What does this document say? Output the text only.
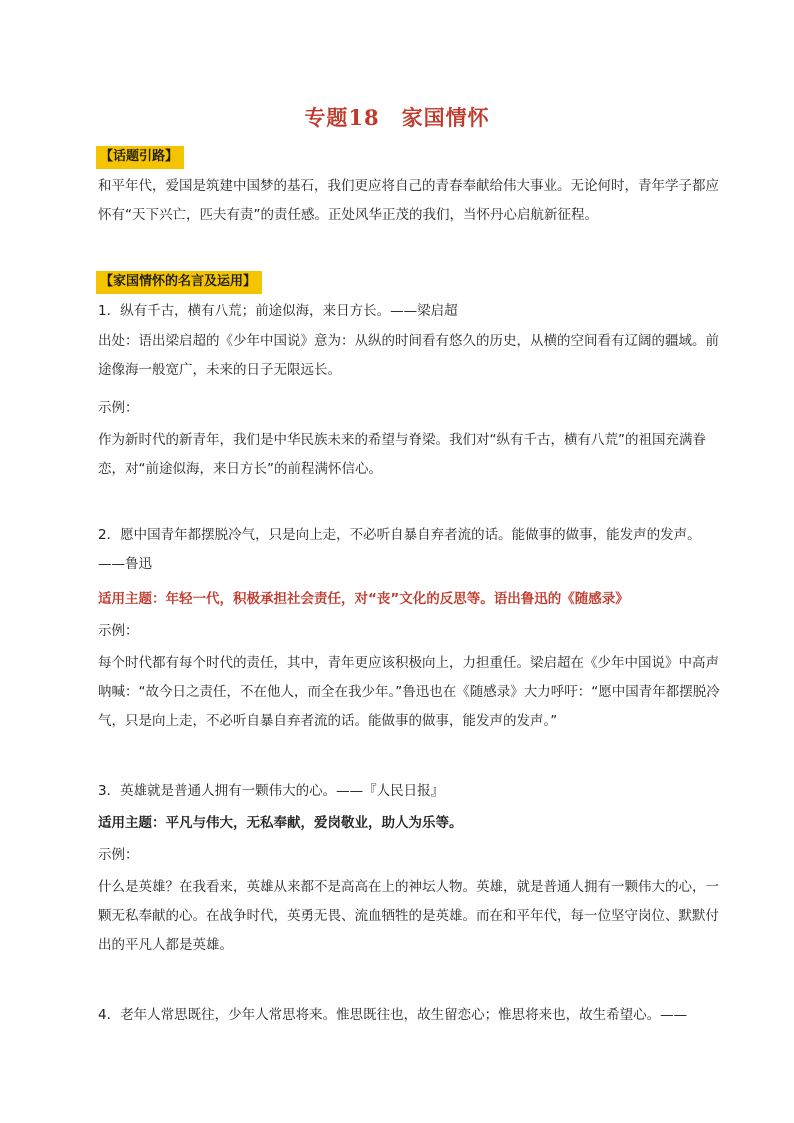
专题18　家国情怀
【话题引路】

和平年代，爱国是筑建中国梦的基石，我们更应将自己的青春奉献给伟大事业。无论何时，青年学子都应怀有“天下兴亡，匹夫有责”的责任感。正处风华正茂的我们，当怀丹心启航新征程。

【家国情怀的名言及运用】

1．纵有千古，横有八荒；前途似海，来日方长。——梁启超

出处：语出梁启超的《少年中国说》意为：从纵的时间看有悠久的历史，从横的空间看有辽阔的疆域。前途像海一般宽广，未来的日子无限远长。

示例：

作为新时代的新青年，我们是中华民族未来的希望与脊梁。我们对“纵有千古，横有八荒”的祖国充满眷恋，对“前途似海，来日方长”的前程满怀信心。

2．愿中国青年都摆脱冷气，只是向上走，不必听自暴自弃者流的话。能做事的做事，能发声的发声。——鲁迅

适用主题：年轻一代，积极承担社会责任，对“丧”文化的反思等。语出鲁迅的《随感录》

示例：

每个时代都有每个时代的责任，其中，青年更应该积极向上，力担重任。梁启超在《少年中国说》中高声呐喊：“故今日之责任，不在他人，而全在我少年。”鲁迅也在《随感录》大力呼吁：“愿中国青年都摆脱冷气，只是向上走，不必听自暴自弃者流的话。能做事的做事，能发声的发声。”

3．英雄就是普通人拥有一颗伟大的心。——『人民日报』

适用主题：平凡与伟大，无私奉献，爱岗敬业，助人为乐等。

示例：

什么是英雄？在我看来，英雄从来都不是高高在上的神坛人物。英雄，就是普通人拥有一颗伟大的心，一颗无私奉献的心。在战争时代，英勇无畏、流血牺牲的是英雄。而在和平年代，每一位坚守岗位、默默付出的平凡人都是英雄。

4．老年人常思既往，少年人常思将来。惟思既往也，故生留恋心；惟思将来也，故生希望心。——
